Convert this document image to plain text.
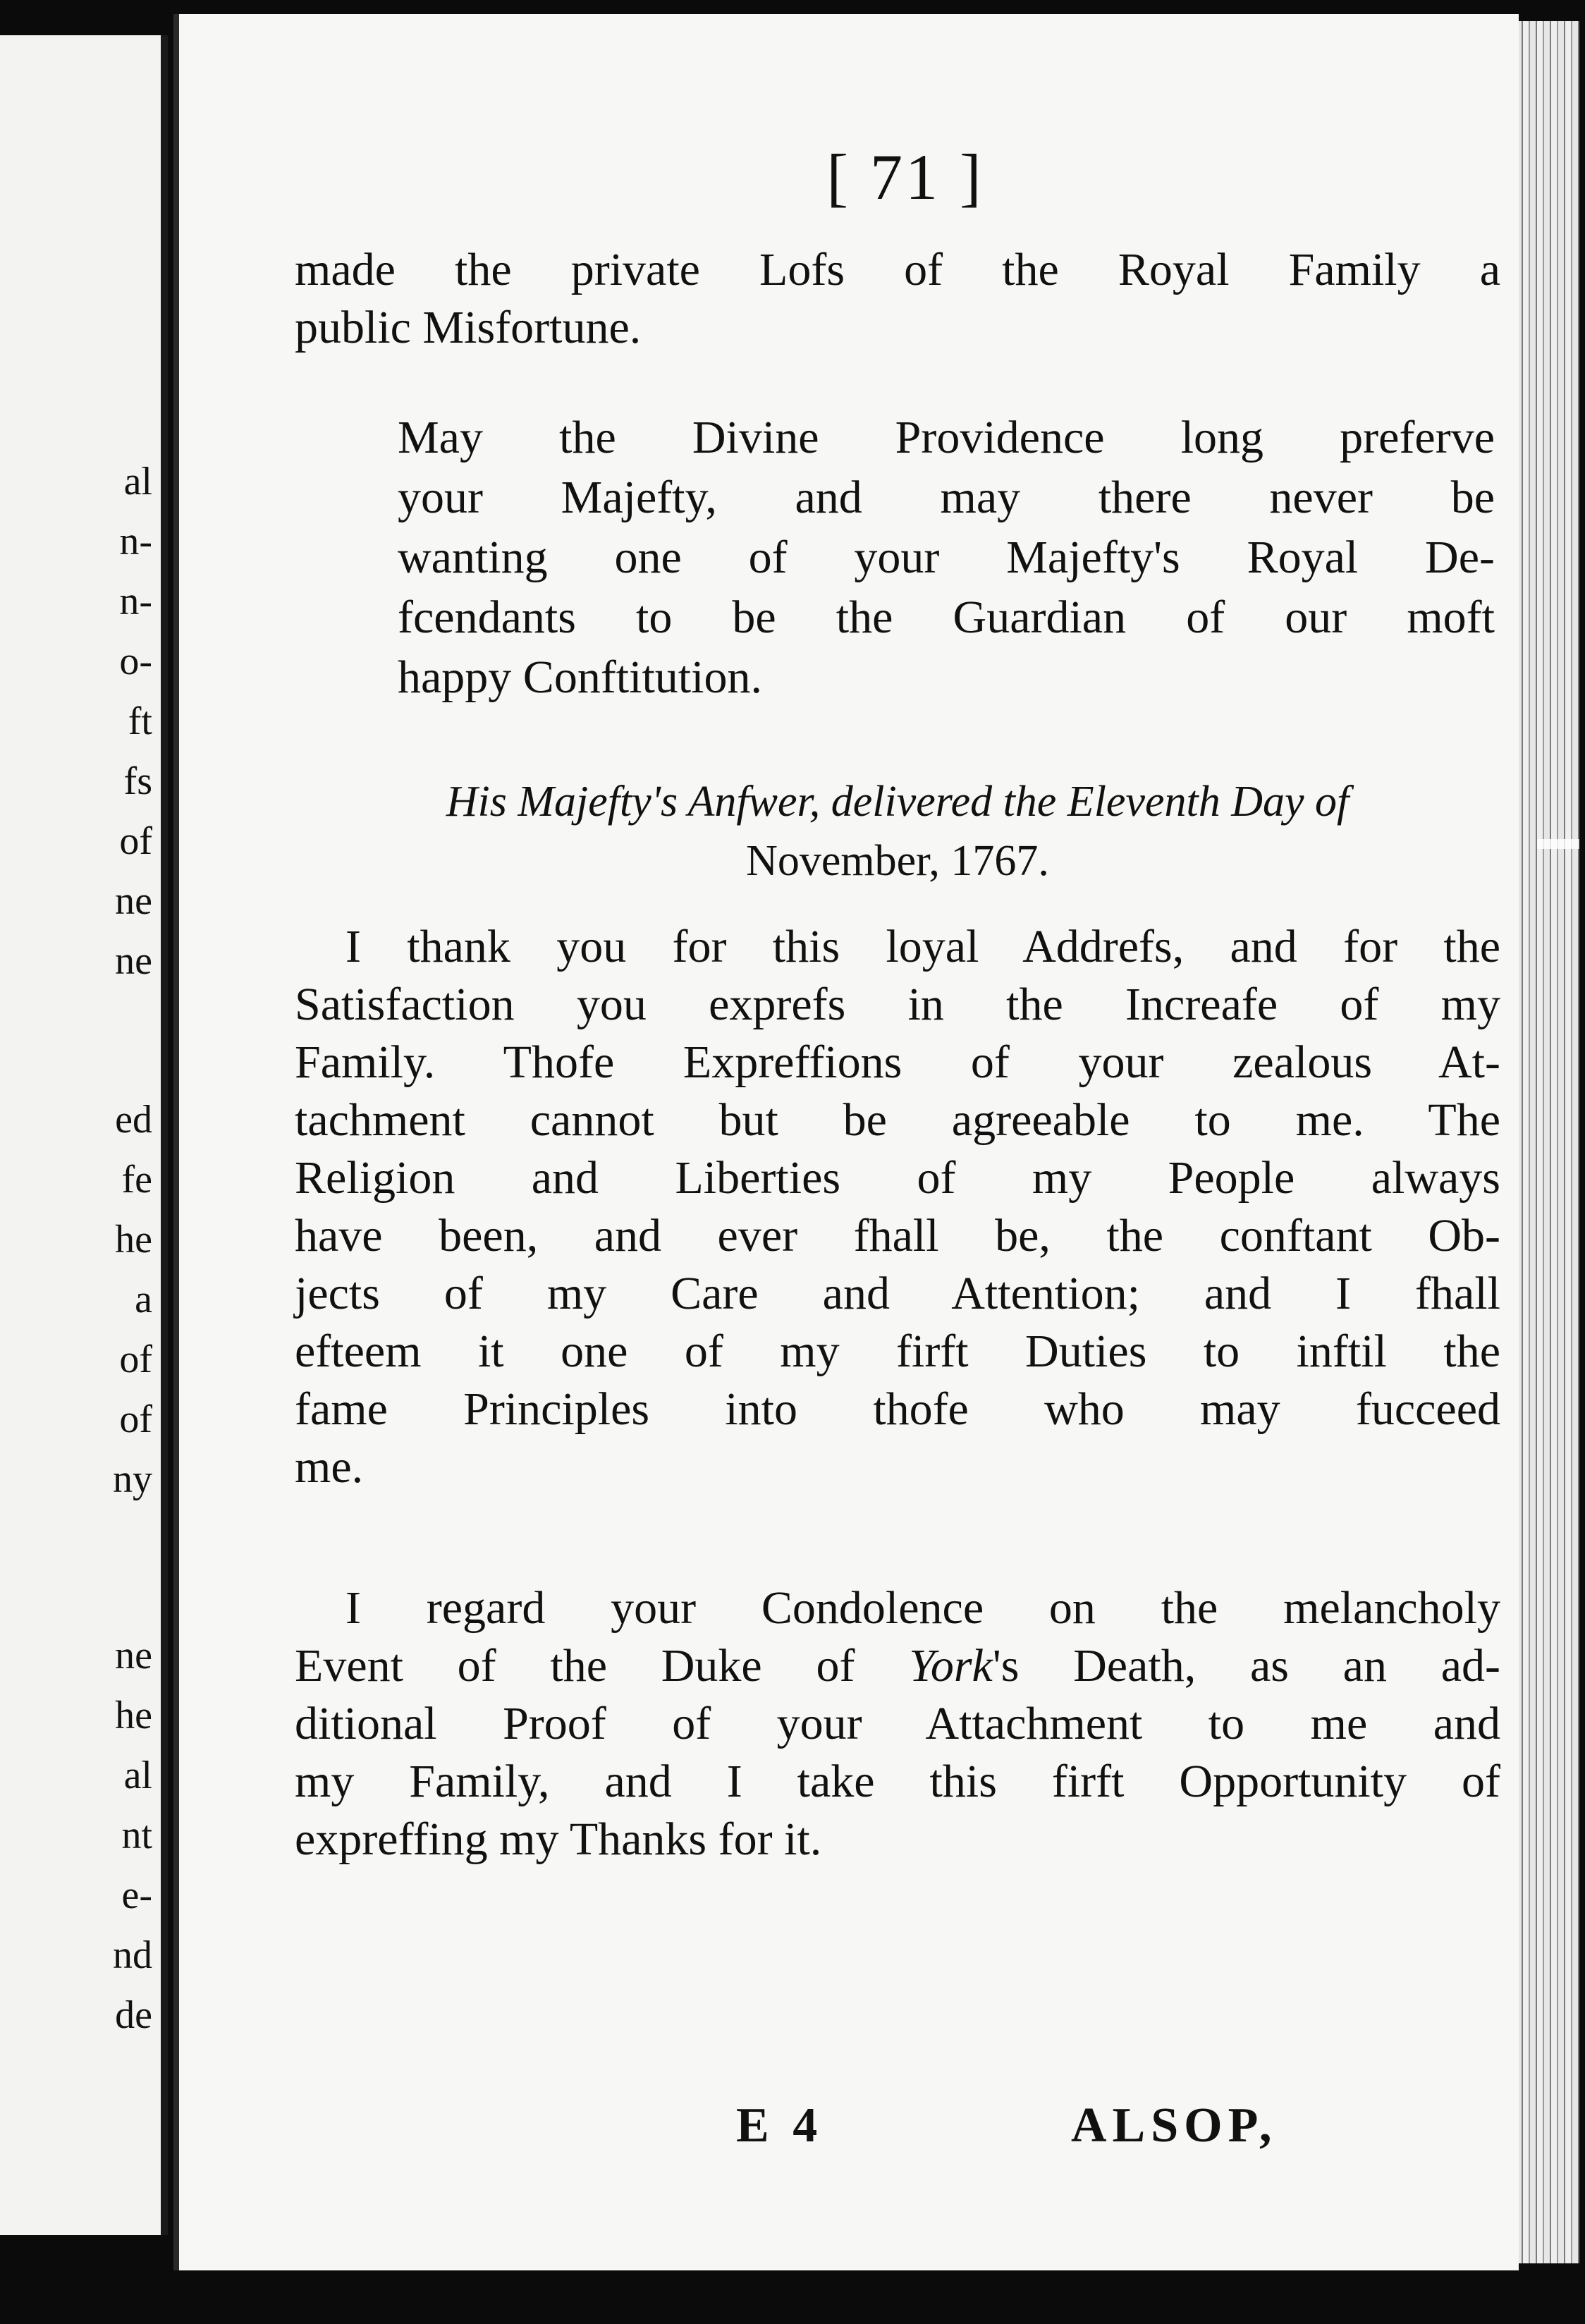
al
n-
n-
o-
ft
fs
of
ne
ne
ed
fe
he
a
of
of
ny
ne
he
al
nt
e-
nd
de
[ 71 ]
made the private Lofs of the Royal Family a
public Misfortune.
May the Divine Providence long preferve
your Majefty, and may there never be
wanting one of your Majefty's Royal De-
fcendants to be the Guardian of our moft
happy Conftitution.
His Majefty's Anfwer, delivered the Eleventh Day of
November, 1767.
I thank you for this loyal Addrefs, and for the
Satisfaction you exprefs in the Increafe of my
Family. Thofe Expreffions of your zealous At-
tachment cannot but be agreeable to me. The
Religion and Liberties of my People always
have been, and ever fhall be, the conftant Ob-
jects of my Care and Attention; and I fhall
efteem it one of my firft Duties to inftil the
fame Principles into thofe who may fucceed
me.
I regard your Condolence on the melancholy
Event of the Duke of York's Death, as an ad-
ditional Proof of your Attachment to me and
my Family, and I take this firft Opportunity of
expreffing my Thanks for it.
E 4	ALSOP,
